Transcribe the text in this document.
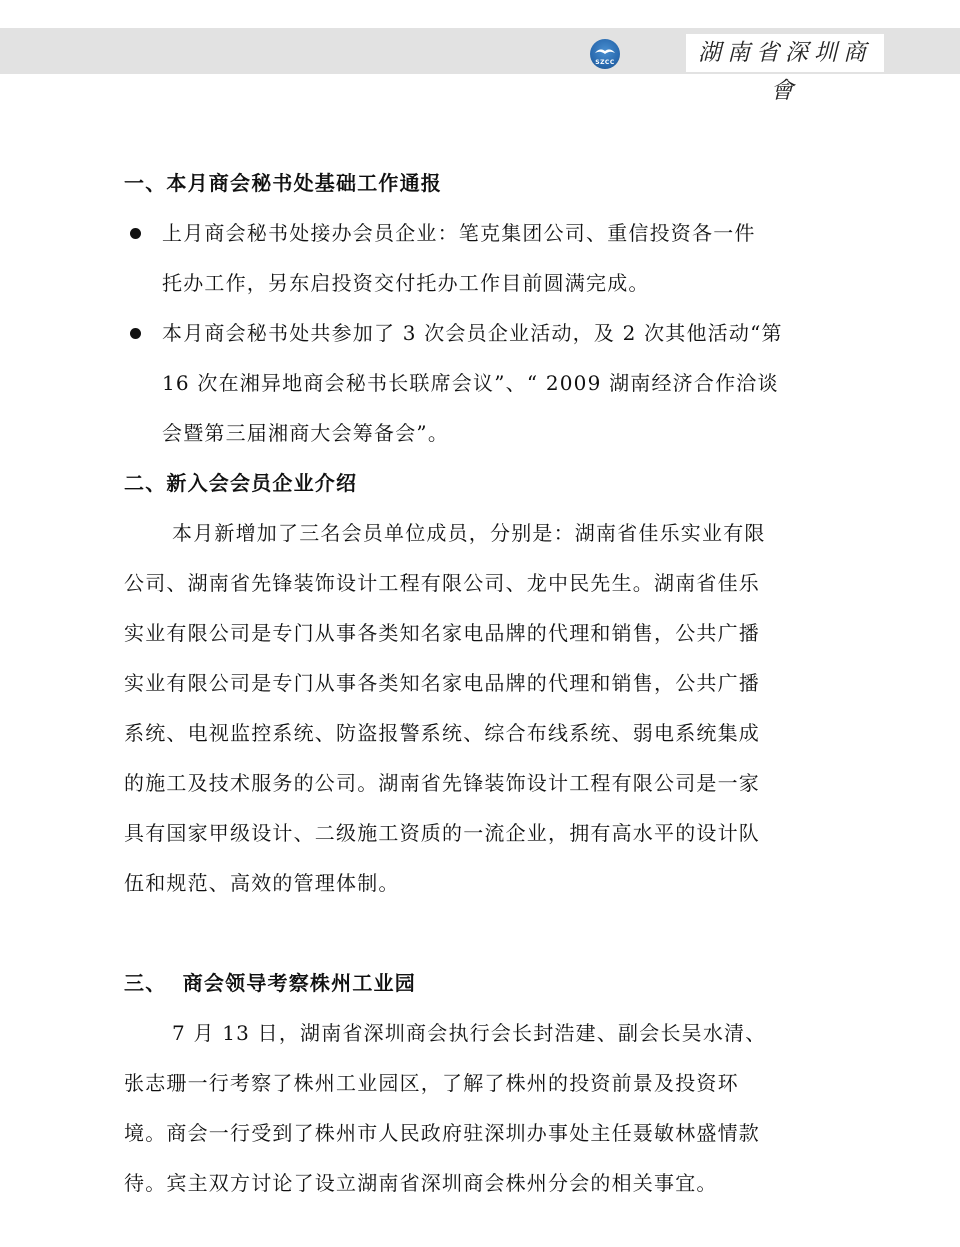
SZCC	湖南省深圳商會
一、本月商会秘书处基础工作通报
上月商会秘书处接办会员企业：笔克集团公司、重信投资各一件
托办工作，另东启投资交付托办工作目前圆满完成。
本月商会秘书处共参加了 3 次会员企业活动，及 2 次其他活动“第
16 次在湘异地商会秘书长联席会议”、“ 2009 湖南经济合作洽谈
会暨第三届湘商大会筹备会”。
二、新入会会员企业介绍
本月新增加了三名会员单位成员，分别是：湖南省佳乐实业有限
公司、湖南省先锋装饰设计工程有限公司、龙中民先生。湖南省佳乐
实业有限公司是专门从事各类知名家电品牌的代理和销售，公共广播
实业有限公司是专门从事各类知名家电品牌的代理和销售，公共广播
系统、电视监控系统、防盗报警系统、综合布线系统、弱电系统集成
的施工及技术服务的公司。湖南省先锋装饰设计工程有限公司是一家
具有国家甲级设计、二级施工资质的一流企业，拥有高水平的设计队
伍和规范、高效的管理体制。
三、  商会领导考察株州工业园
7 月 13 日，湖南省深圳商会执行会长封浩建、副会长吴水清、
张志珊一行考察了株州工业园区，了解了株州的投资前景及投资环
境。商会一行受到了株州市人民政府驻深圳办事处主任聂敏林盛情款
待。宾主双方讨论了设立湖南省深圳商会株州分会的相关事宜。
